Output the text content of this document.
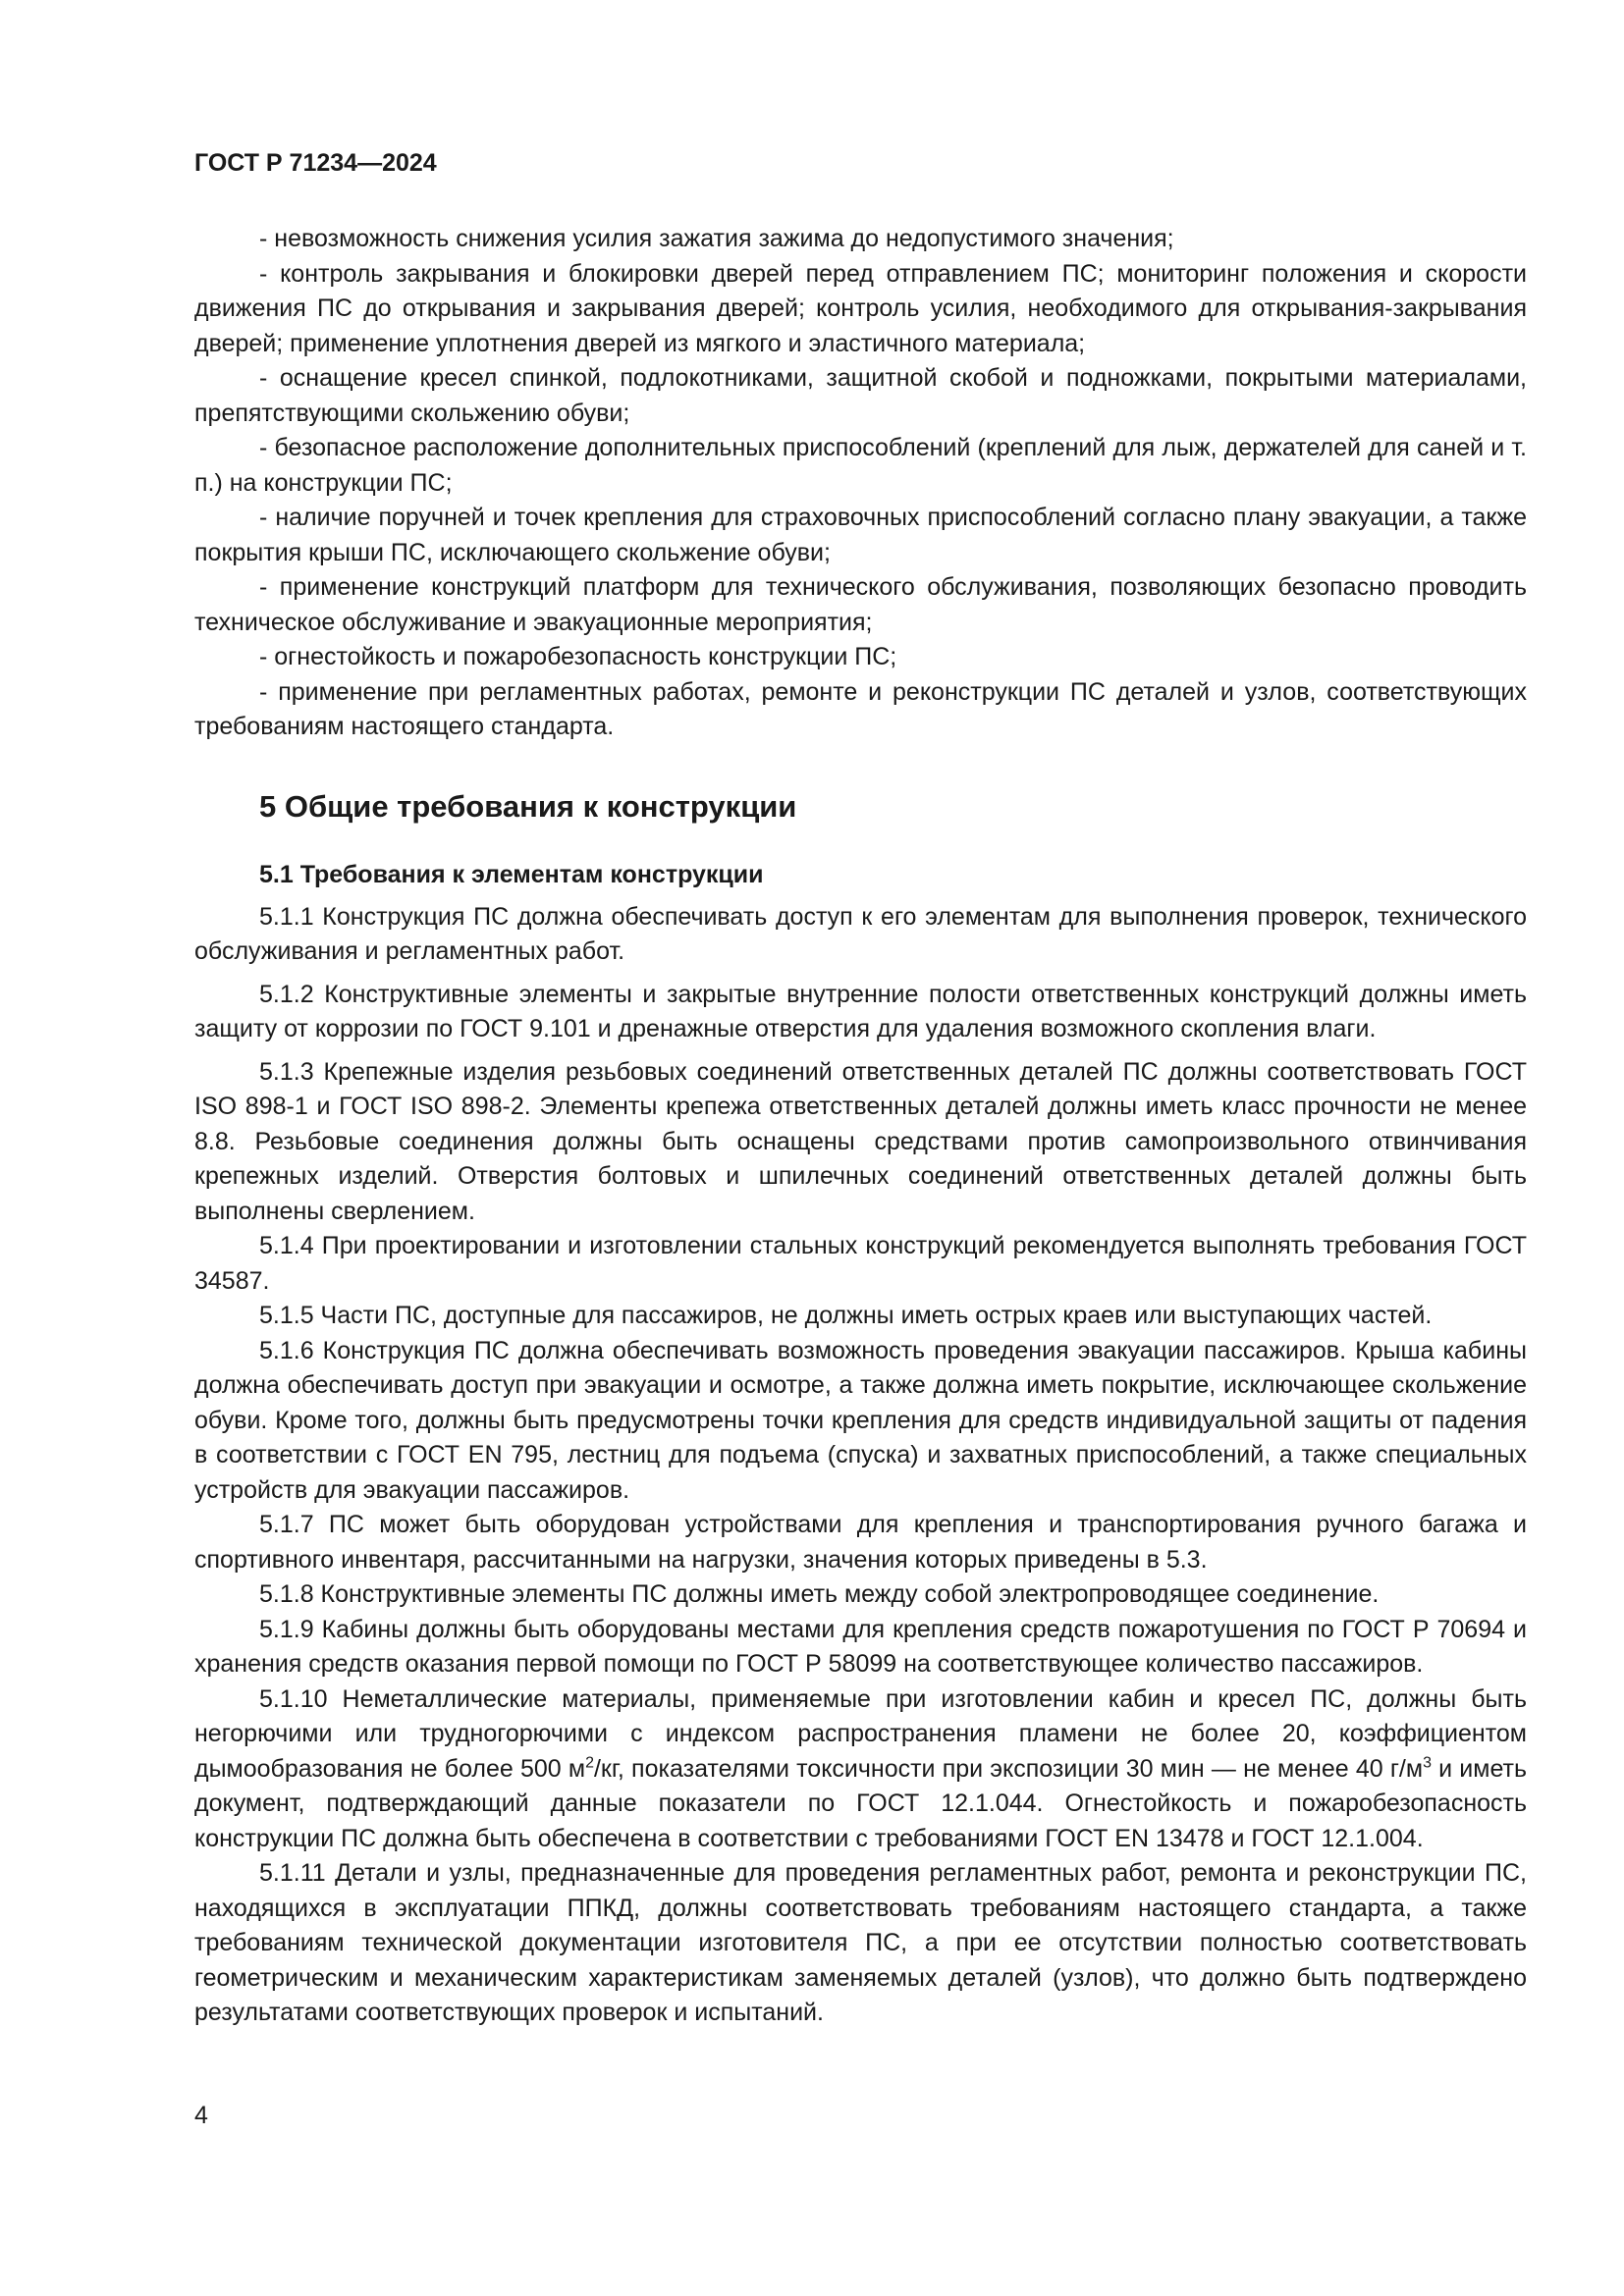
ГОСТ Р 71234—2024

- невозможность снижения усилия зажатия зажима до недопустимого значения;

- контроль закрывания и блокировки дверей перед отправлением ПС; мониторинг положения и скорости движения ПС до открывания и закрывания дверей; контроль усилия, необходимого для открывания-закрывания дверей; применение уплотнения дверей из мягкого и эластичного материала;

- оснащение кресел спинкой, подлокотниками, защитной скобой и подножками, покрытыми материалами, препятствующими скольжению обуви;

- безопасное расположение дополнительных приспособлений (креплений для лыж, держателей для саней и т. п.) на конструкции ПС;

- наличие поручней и точек крепления для страховочных приспособлений согласно плану эвакуации, а также покрытия крыши ПС, исключающего скольжение обуви;

- применение конструкций платформ для технического обслуживания, позволяющих безопасно проводить техническое обслуживание и эвакуационные мероприятия;

- огнестойкость и пожаробезопасность конструкции ПС;

- применение при регламентных работах, ремонте и реконструкции ПС деталей и узлов, соответствующих требованиям настоящего стандарта.

5 Общие требования к конструкции
5.1 Требования к элементам конструкции

5.1.1 Конструкция ПС должна обеспечивать доступ к его элементам для выполнения проверок, технического обслуживания и регламентных работ.

5.1.2 Конструктивные элементы и закрытые внутренние полости ответственных конструкций должны иметь защиту от коррозии по ГОСТ 9.101 и дренажные отверстия для удаления возможного скопления влаги.

5.1.3 Крепежные изделия резьбовых соединений ответственных деталей ПС должны соответствовать ГОСТ ISO 898-1 и ГОСТ ISO 898-2. Элементы крепежа ответственных деталей должны иметь класс прочности не менее 8.8. Резьбовые соединения должны быть оснащены средствами против самопроизвольного отвинчивания крепежных изделий. Отверстия болтовых и шпилечных соединений ответственных деталей должны быть выполнены сверлением.

5.1.4 При проектировании и изготовлении стальных конструкций рекомендуется выполнять требования ГОСТ 34587.

5.1.5 Части ПС, доступные для пассажиров, не должны иметь острых краев или выступающих частей.

5.1.6 Конструкция ПС должна обеспечивать возможность проведения эвакуации пассажиров. Крыша кабины должна обеспечивать доступ при эвакуации и осмотре, а также должна иметь покрытие, исключающее скольжение обуви. Кроме того, должны быть предусмотрены точки крепления для средств индивидуальной защиты от падения в соответствии с ГОСТ EN 795, лестниц для подъема (спуска) и захватных приспособлений, а также специальных устройств для эвакуации пассажиров.

5.1.7 ПС может быть оборудован устройствами для крепления и транспортирования ручного багажа и спортивного инвентаря, рассчитанными на нагрузки, значения которых приведены в 5.3.

5.1.8 Конструктивные элементы ПС должны иметь между собой электропроводящее соединение.

5.1.9 Кабины должны быть оборудованы местами для крепления средств пожаротушения по ГОСТ Р 70694 и хранения средств оказания первой помощи по ГОСТ Р 58099 на соответствующее количество пассажиров.

5.1.10 Неметаллические материалы, применяемые при изготовлении кабин и кресел ПС, должны быть негорючими или трудногорючими с индексом распространения пламени не более 20, коэффициентом дымообразования не более 500 $м^2/кг$, показателями токсичности при экспозиции 30 мин — не менее 40 $г/м^3$ и иметь документ, подтверждающий данные показатели по ГОСТ 12.1.044. Огнестойкость и пожаробезопасность конструкции ПС должна быть обеспечена в соответствии с требованиями ГОСТ EN 13478 и ГОСТ 12.1.004.

5.1.11 Детали и узлы, предназначенные для проведения регламентных работ, ремонта и реконструкции ПС, находящихся в эксплуатации ППКД, должны соответствовать требованиям настоящего стандарта, а также требованиям технической документации изготовителя ПС, а при ее отсутствии полностью соответствовать геометрическим и механическим характеристикам заменяемых деталей (узлов), что должно быть подтверждено результатами соответствующих проверок и испытаний.

4
